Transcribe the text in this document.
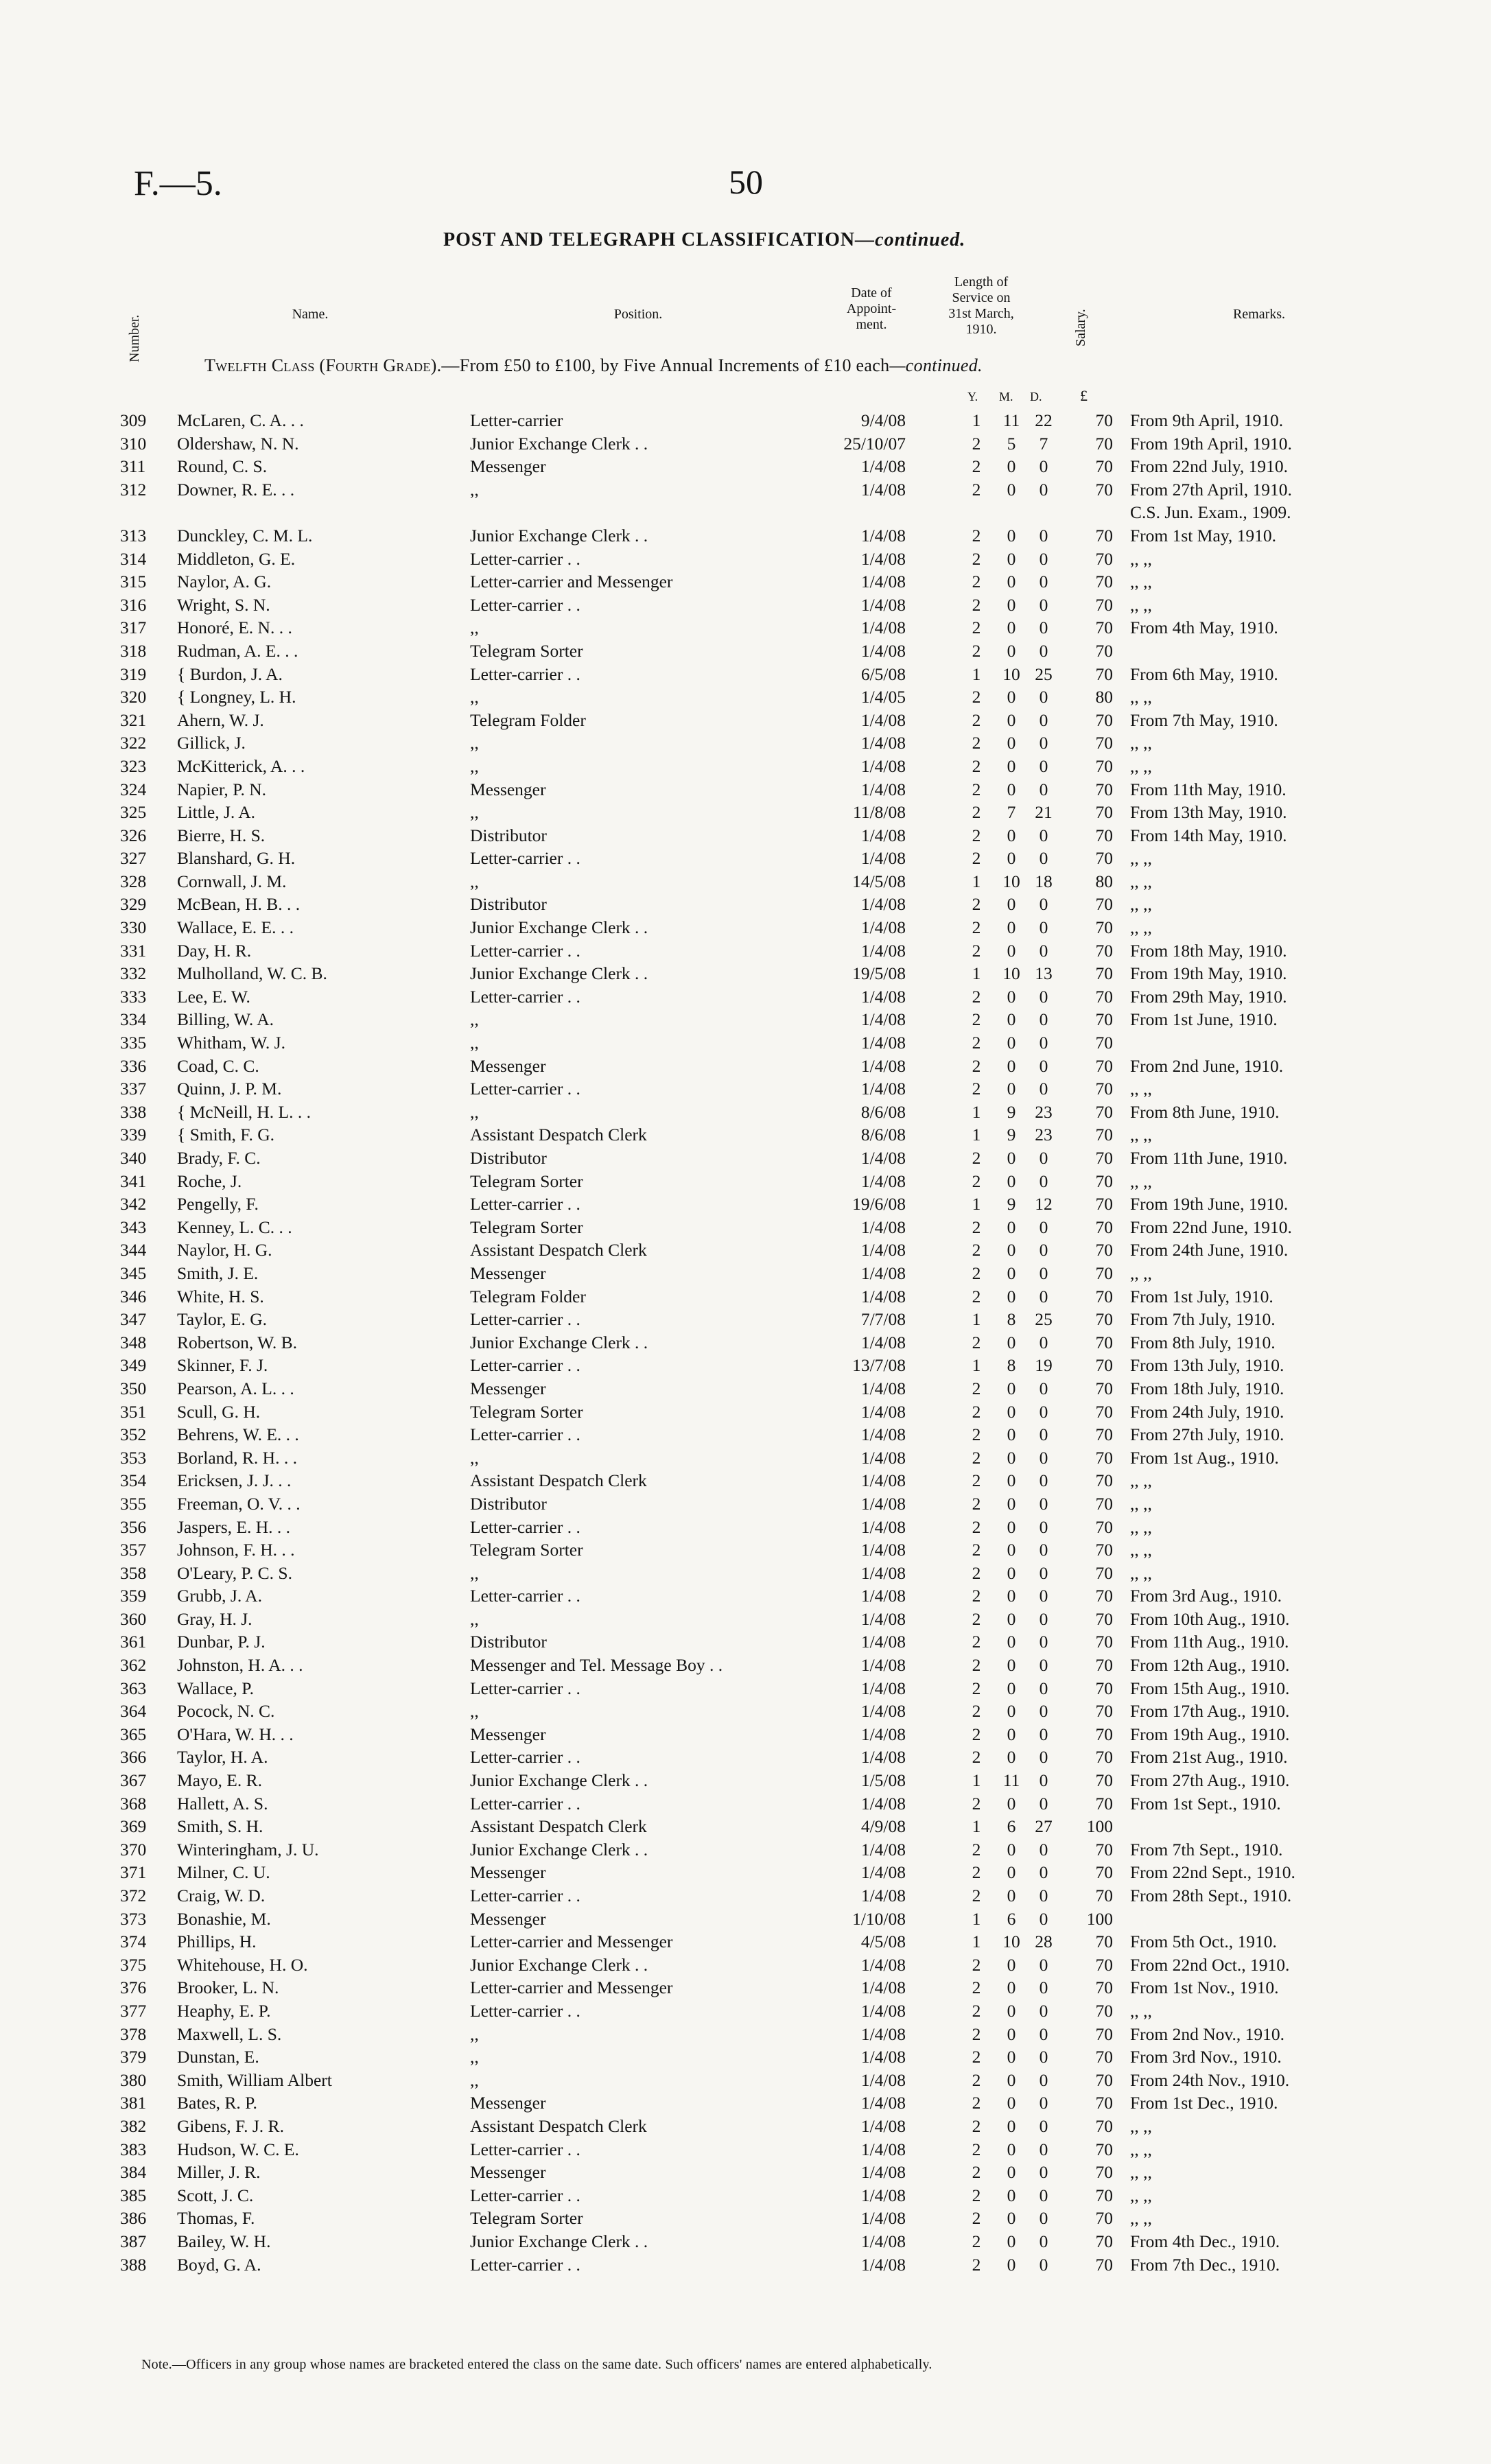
F.—5.	50
POST AND TELEGRAPH CLASSIFICATION—continued.
Number.
Name.	Position.
Date of
Appoint-
ment.
Length of
Service on
31st March,
1910.	Salary.	Remarks.
Twelfth Class (Fourth Grade).—From £50 to £100, by Five Annual Increments of £10 each—continued.
Y. M. D.	£
309	McLaren, C. A. . .	Letter-carrier	9/4/08	1	11 22	70 From 9th April, 1910.
310	Oldershaw, N. N.	Junior Exchange Clerk . .	25/10/07	2	5	7	70 From 19th April, 1910.
311	Round, C. S.	Messenger	1/4/08	2	0	0	70 From 22nd July, 1910.
312	Downer, R. E. . .	,,	1/4/08	2	0	0	70 From 27th April, 1910.
C.S. Jun. Exam., 1909.
313	Dunckley, C. M. L.	Junior Exchange Clerk . .	1/4/08	2	0	0	70 From 1st May, 1910.
314	Middleton, G. E.	Letter-carrier . .	1/4/08	2	0	0	70 ,, ,,
315	Naylor, A. G.	Letter-carrier and Messenger	1/4/08	2	0	0	70 ,, ,,
316	Wright, S. N.	Letter-carrier . .	1/4/08	2	0	0	70 ,, ,,
317	Honoré, E. N. . .	,,	1/4/08	2	0	0	70 From 4th May, 1910.
318	Rudman, A. E. . .	Telegram Sorter	1/4/08	2	0	0	70
319	{ Burdon, J. A.	Letter-carrier . .	6/5/08	1	10 25	70 From 6th May, 1910.
320	{ Longney, L. H.	,,	1/4/05	2	0	0	80 ,, ,,
321	Ahern, W. J.	Telegram Folder	1/4/08	2	0	0	70 From 7th May, 1910.
322	Gillick, J.	,,	1/4/08	2	0	0	70 ,, ,,
323	McKitterick, A. . .	,,	1/4/08	2	0	0	70 ,, ,,
324	Napier, P. N.	Messenger	1/4/08	2	0	0	70 From 11th May, 1910.
325	Little, J. A.	,,	11/8/08	2	7	21	70 From 13th May, 1910.
326	Bierre, H. S.	Distributor	1/4/08	2	0	0	70 From 14th May, 1910.
327	Blanshard, G. H.	Letter-carrier . .	1/4/08	2	0	0	70 ,, ,,
328	Cornwall, J. M.	,,	14/5/08	1	10 18	80 ,, ,,
329	McBean, H. B. . .	Distributor	1/4/08	2	0	0	70 ,, ,,
330	Wallace, E. E. . .	Junior Exchange Clerk . .	1/4/08	2	0	0	70 ,, ,,
331	Day, H. R.	Letter-carrier . .	1/4/08	2	0	0	70 From 18th May, 1910.
332	Mulholland, W. C. B.	Junior Exchange Clerk . .	19/5/08	1	10 13	70 From 19th May, 1910.
333	Lee, E. W.	Letter-carrier . .	1/4/08	2	0	0	70 From 29th May, 1910.
334	Billing, W. A.	,,	1/4/08	2	0	0	70 From 1st June, 1910.
335	Whitham, W. J.	,,	1/4/08	2	0	0	70
336	Coad, C. C.	Messenger	1/4/08	2	0	0	70 From 2nd June, 1910.
337	Quinn, J. P. M.	Letter-carrier . .	1/4/08	2	0	0	70 ,, ,,
338	{ McNeill, H. L. . .	,,	8/6/08	1	9	23	70 From 8th June, 1910.
339	{ Smith, F. G.	Assistant Despatch Clerk	8/6/08	1	9	23	70 ,, ,,
340	Brady, F. C.	Distributor	1/4/08	2	0	0	70 From 11th June, 1910.
341	Roche, J.	Telegram Sorter	1/4/08	2	0	0	70 ,, ,,
342	Pengelly, F.	Letter-carrier . .	19/6/08	1	9	12	70 From 19th June, 1910.
343	Kenney, L. C. . .	Telegram Sorter	1/4/08	2	0	0	70 From 22nd June, 1910.
344	Naylor, H. G.	Assistant Despatch Clerk	1/4/08	2	0	0	70 From 24th June, 1910.
345	Smith, J. E.	Messenger	1/4/08	2	0	0	70 ,, ,,
346	White, H. S.	Telegram Folder	1/4/08	2	0	0	70 From 1st July, 1910.
347	Taylor, E. G.	Letter-carrier . .	7/7/08	1	8	25	70 From 7th July, 1910.
348	Robertson, W. B.	Junior Exchange Clerk . .	1/4/08	2	0	0	70 From 8th July, 1910.
349	Skinner, F. J.	Letter-carrier . .	13/7/08	1	8	19	70 From 13th July, 1910.
350	Pearson, A. L. . .	Messenger	1/4/08	2	0	0	70 From 18th July, 1910.
351	Scull, G. H.	Telegram Sorter	1/4/08	2	0	0	70 From 24th July, 1910.
352	Behrens, W. E. . .	Letter-carrier . .	1/4/08	2	0	0	70 From 27th July, 1910.
353	Borland, R. H. . .	,,	1/4/08	2	0	0	70 From 1st Aug., 1910.
354	Ericksen, J. J. . .	Assistant Despatch Clerk	1/4/08	2	0	0	70 ,, ,,
355	Freeman, O. V. . .	Distributor	1/4/08	2	0	0	70 ,, ,,
356	Jaspers, E. H. . .	Letter-carrier . .	1/4/08	2	0	0	70 ,, ,,
357	Johnson, F. H. . .	Telegram Sorter	1/4/08	2	0	0	70 ,, ,,
358	O'Leary, P. C. S.	,,	1/4/08	2	0	0	70 ,, ,,
359	Grubb, J. A.	Letter-carrier . .	1/4/08	2	0	0	70 From 3rd Aug., 1910.
360	Gray, H. J.	,,	1/4/08	2	0	0	70 From 10th Aug., 1910.
361	Dunbar, P. J.	Distributor	1/4/08	2	0	0	70 From 11th Aug., 1910.
362	Johnston, H. A. . .	Messenger and Tel. Message Boy . .	1/4/08	2	0	0	70 From 12th Aug., 1910.
363	Wallace, P.	Letter-carrier . .	1/4/08	2	0	0	70 From 15th Aug., 1910.
364	Pocock, N. C.	,,	1/4/08	2	0	0	70 From 17th Aug., 1910.
365	O'Hara, W. H. . .	Messenger	1/4/08	2	0	0	70 From 19th Aug., 1910.
366	Taylor, H. A.	Letter-carrier . .	1/4/08	2	0	0	70 From 21st Aug., 1910.
367	Mayo, E. R.	Junior Exchange Clerk . .	1/5/08	1	11	0	70 From 27th Aug., 1910.
368	Hallett, A. S.	Letter-carrier . .	1/4/08	2	0	0	70 From 1st Sept., 1910.
369	Smith, S. H.	Assistant Despatch Clerk	4/9/08	1	6	27	100
370	Winteringham, J. U.	Junior Exchange Clerk . .	1/4/08	2	0	0	70 From 7th Sept., 1910.
371	Milner, C. U.	Messenger	1/4/08	2	0	0	70 From 22nd Sept., 1910.
372	Craig, W. D.	Letter-carrier . .	1/4/08	2	0	0	70 From 28th Sept., 1910.
373	Bonashie, M.	Messenger	1/10/08	1	6	0	100
374	Phillips, H.	Letter-carrier and Messenger	4/5/08	1	10 28	70 From 5th Oct., 1910.
375	Whitehouse, H. O.	Junior Exchange Clerk . .	1/4/08	2	0	0	70 From 22nd Oct., 1910.
376	Brooker, L. N.	Letter-carrier and Messenger	1/4/08	2	0	0	70 From 1st Nov., 1910.
377	Heaphy, E. P.	Letter-carrier . .	1/4/08	2	0	0	70 ,, ,,
378	Maxwell, L. S.	,,	1/4/08	2	0	0	70 From 2nd Nov., 1910.
379	Dunstan, E.	,,	1/4/08	2	0	0	70 From 3rd Nov., 1910.
380	Smith, William Albert	,,	1/4/08	2	0	0	70 From 24th Nov., 1910.
381	Bates, R. P.	Messenger	1/4/08	2	0	0	70 From 1st Dec., 1910.
382	Gibens, F. J. R.	Assistant Despatch Clerk	1/4/08	2	0	0	70 ,, ,,
383	Hudson, W. C. E.	Letter-carrier . .	1/4/08	2	0	0	70 ,, ,,
384	Miller, J. R.	Messenger	1/4/08	2	0	0	70 ,, ,,
385	Scott, J. C.	Letter-carrier . .	1/4/08	2	0	0	70 ,, ,,
386	Thomas, F.	Telegram Sorter	1/4/08	2	0	0	70 ,, ,,
387	Bailey, W. H.	Junior Exchange Clerk . .	1/4/08	2	0	0	70 From 4th Dec., 1910.
388	Boyd, G. A.	Letter-carrier . .	1/4/08	2	0	0	70 From 7th Dec., 1910.
Note.—Officers in any group whose names are bracketed entered the class on the same date. Such officers' names are entered alphabetically.
